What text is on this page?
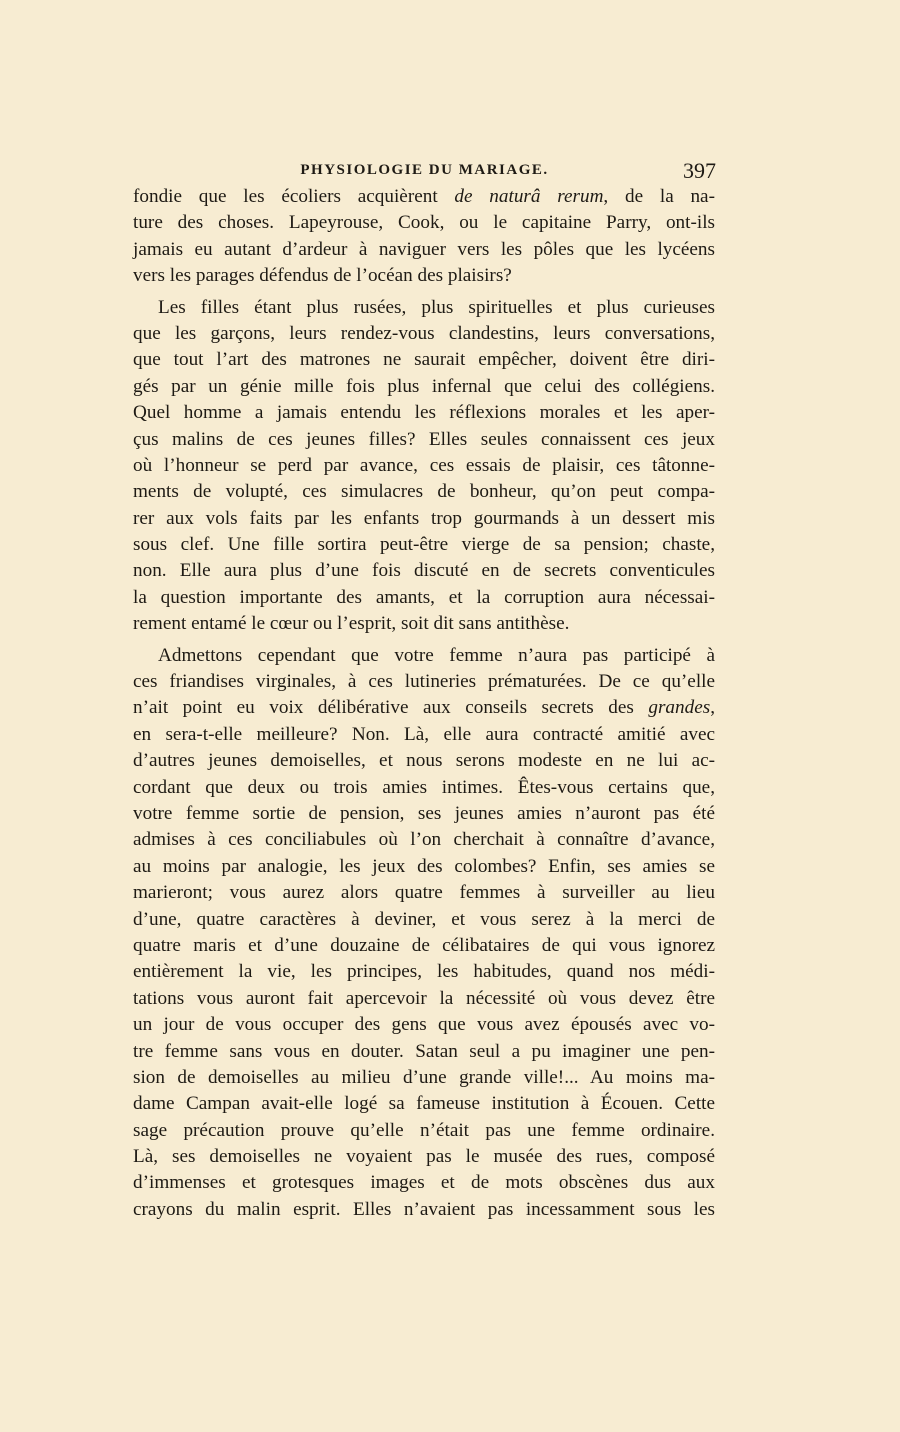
PHYSIOLOGIE DU MARIAGE.	397
fondie que les écoliers acquièrent de naturâ rerum, de la na-
ture des choses. Lapeyrouse, Cook, ou le capitaine Parry, ont-ils
jamais eu autant d’ardeur à naviguer vers les pôles que les lycéens
vers les parages défendus de l’océan des plaisirs?
Les filles étant plus rusées, plus spirituelles et plus curieuses
que les garçons, leurs rendez-vous clandestins, leurs conversations,
que tout l’art des matrones ne saurait empêcher, doivent être diri-
gés par un génie mille fois plus infernal que celui des collégiens.
Quel homme a jamais entendu les réflexions morales et les aper-
çus malins de ces jeunes filles? Elles seules connaissent ces jeux
où l’honneur se perd par avance, ces essais de plaisir, ces tâtonne-
ments de volupté, ces simulacres de bonheur, qu’on peut compa-
rer aux vols faits par les enfants trop gourmands à un dessert mis
sous clef. Une fille sortira peut-être vierge de sa pension; chaste,
non. Elle aura plus d’une fois discuté en de secrets conventicules
la question importante des amants, et la corruption aura nécessai-
rement entamé le cœur ou l’esprit, soit dit sans antithèse.
Admettons cependant que votre femme n’aura pas participé à
ces friandises virginales, à ces lutineries prématurées. De ce qu’elle
n’ait point eu voix délibérative aux conseils secrets des grandes,
en sera-t-elle meilleure? Non. Là, elle aura contracté amitié avec
d’autres jeunes demoiselles, et nous serons modeste en ne lui ac-
cordant que deux ou trois amies intimes. Êtes-vous certains que,
votre femme sortie de pension, ses jeunes amies n’auront pas été
admises à ces conciliabules où l’on cherchait à connaître d’avance,
au moins par analogie, les jeux des colombes? Enfin, ses amies se
marieront; vous aurez alors quatre femmes à surveiller au lieu
d’une, quatre caractères à deviner, et vous serez à la merci de
quatre maris et d’une douzaine de célibataires de qui vous ignorez
entièrement la vie, les principes, les habitudes, quand nos médi-
tations vous auront fait apercevoir la nécessité où vous devez être
un jour de vous occuper des gens que vous avez épousés avec vo-
tre femme sans vous en douter. Satan seul a pu imaginer une pen-
sion de demoiselles au milieu d’une grande ville!... Au moins ma-
dame Campan avait-elle logé sa fameuse institution à Écouen. Cette
sage précaution prouve qu’elle n’était pas une femme ordinaire.
Là, ses demoiselles ne voyaient pas le musée des rues, composé
d’immenses et grotesques images et de mots obscènes dus aux
crayons du malin esprit. Elles n’avaient pas incessamment sous les
